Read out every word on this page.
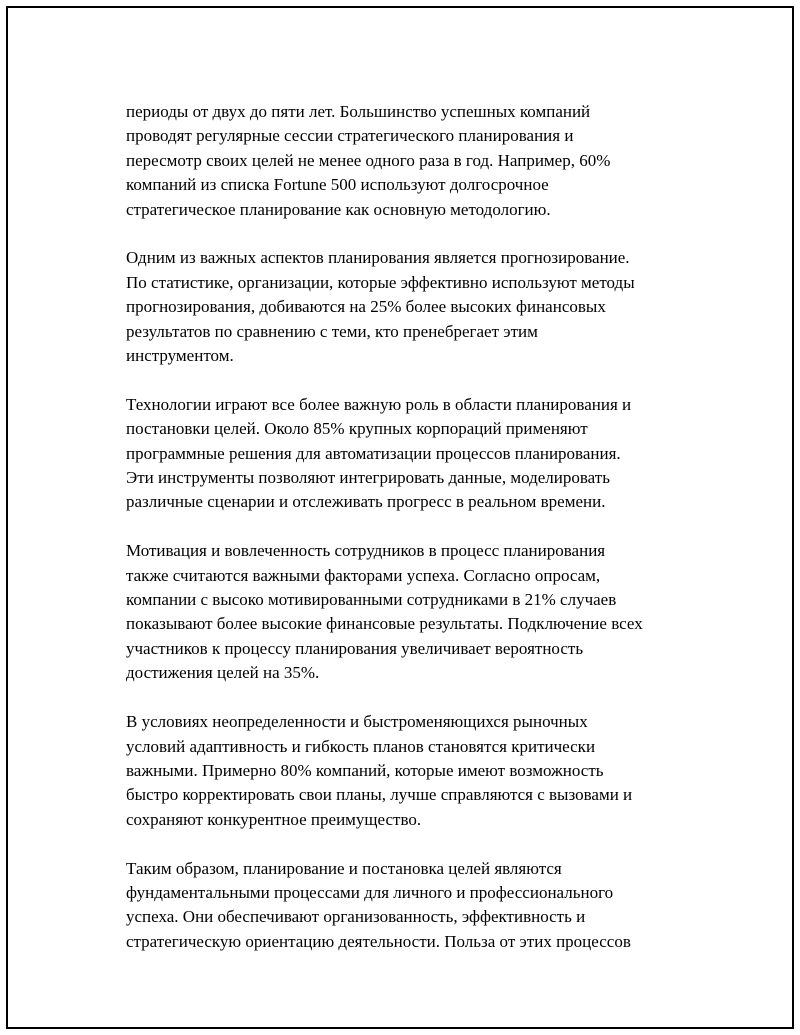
периоды от двух до пяти лет. Большинство успешных компаний
проводят регулярные сессии стратегического планирования и
пересмотр своих целей не менее одного раза в год. Например, 60%
компаний из списка Fortune 500 используют долгосрочное
стратегическое планирование как основную методологию.
Одним из важных аспектов планирования является прогнозирование.
По статистике, организации, которые эффективно используют методы
прогнозирования, добиваются на 25% более высоких финансовых
результатов по сравнению с теми, кто пренебрегает этим
инструментом.
Технологии играют все более важную роль в области планирования и
постановки целей. Около 85% крупных корпораций применяют
программные решения для автоматизации процессов планирования.
Эти инструменты позволяют интегрировать данные, моделировать
различные сценарии и отслеживать прогресс в реальном времени.
Мотивация и вовлеченность сотрудников в процесс планирования
также считаются важными факторами успеха. Согласно опросам,
компании с высоко мотивированными сотрудниками в 21% случаев
показывают более высокие финансовые результаты. Подключение всех
участников к процессу планирования увеличивает вероятность
достижения целей на 35%.
В условиях неопределенности и быстроменяющихся рыночных
условий адаптивность и гибкость планов становятся критически
важными. Примерно 80% компаний, которые имеют возможность
быстро корректировать свои планы, лучше справляются с вызовами и
сохраняют конкурентное преимущество.
Таким образом, планирование и постановка целей являются
фундаментальными процессами для личного и профессионального
успеха. Они обеспечивают организованность, эффективность и
стратегическую ориентацию деятельности. Польза от этих процессов
